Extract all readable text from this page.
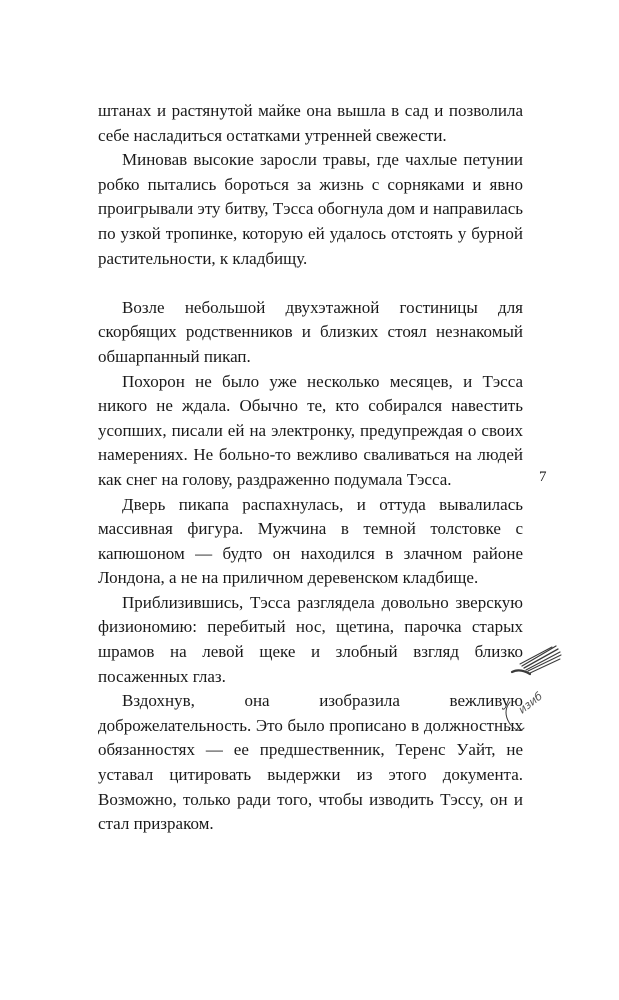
штанах и растянутой майке она вышла в сад и позволила себе насладиться остатками утренней свежести.

Миновав высокие заросли травы, где чахлые петунии робко пытались бороться за жизнь с сорняками и явно проигрывали эту битву, Тэсса обогнула дом и направилась по узкой тропинке, которую ей удалось отстоять у бурной растительности, к кладбищу.

Возле небольшой двухэтажной гостиницы для скорбящих родственников и близких стоял незнакомый обшарпанный пикап.

Похорон не было уже несколько месяцев, и Тэсса никого не ждала. Обычно те, кто собирался навестить усопших, писали ей на электронку, предупреждая о своих намерениях. Не больно-то вежливо сваливаться на людей как снег на голову, раздраженно подумала Тэсса.

Дверь пикапа распахнулась, и оттуда вывалилась массивная фигура. Мужчина в темной толстовке с капюшоном — будто он находился в злачном районе Лондона, а не на приличном деревенском кладбище.

Приблизившись, Тэсса разглядела довольно зверскую физиономию: перебитый нос, щетина, парочка старых шрамов на левой щеке и злобный взгляд близко посаженных глаз.

Вздохнув, она изобразила вежливую доброжелательность. Это было прописано в должностных обязанностях — ее предшественник, Теренс Уайт, не уставал цитировать выдержки из этого документа. Возможно, только ради того, чтобы изводить Тэссу, он и стал призраком.

7
изиб
